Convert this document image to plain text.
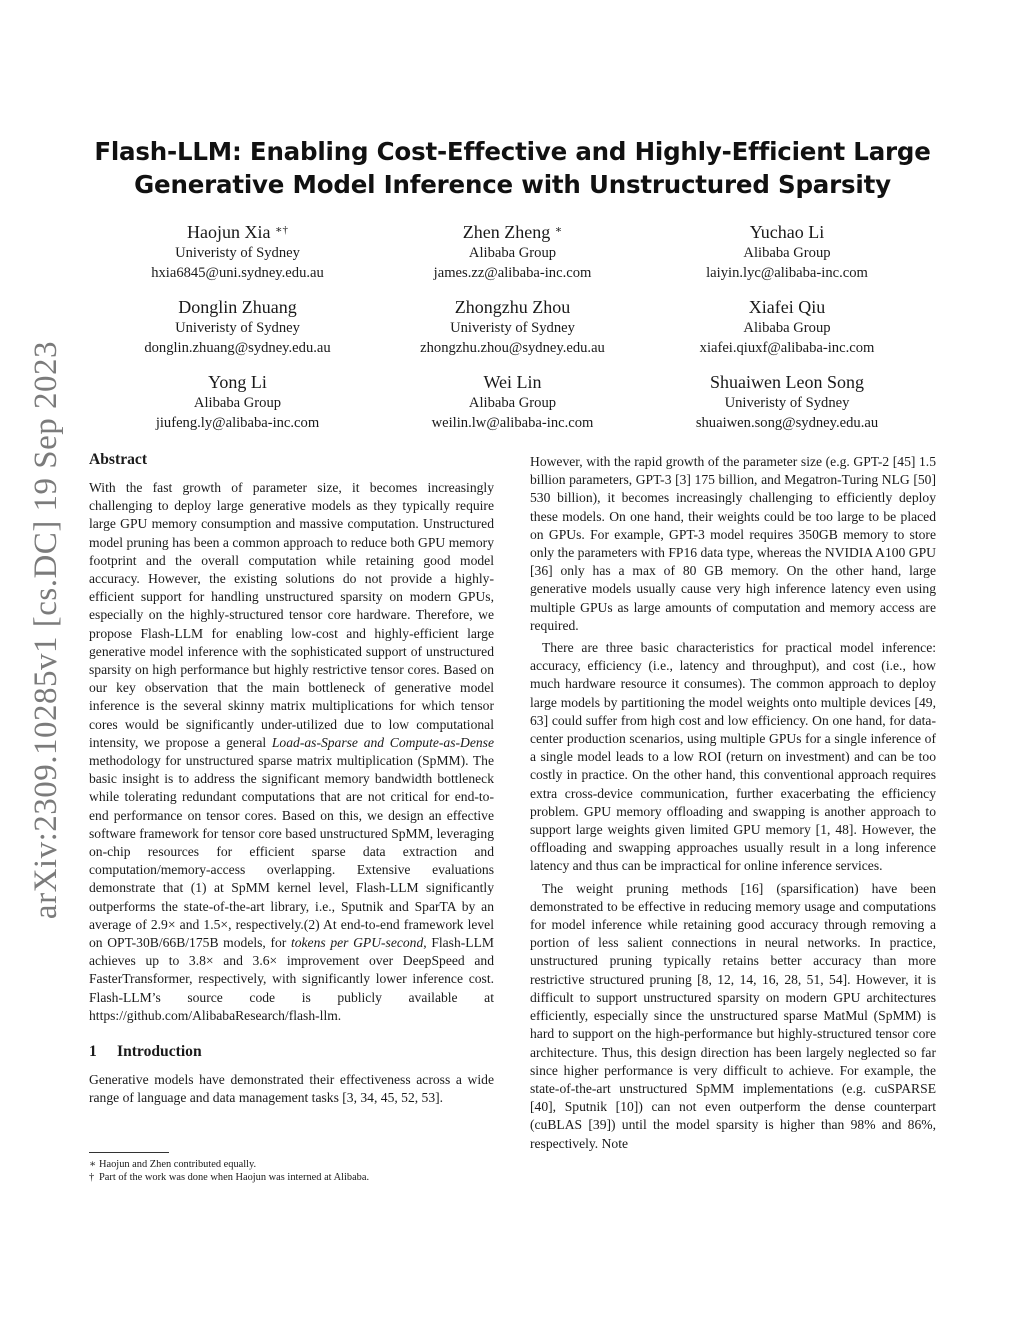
arXiv:2309.10285v1 [cs.DC] 19 Sep 2023
Flash-LLM: Enabling Cost-Effective and Highly-Efficient Large Generative Model Inference with Unstructured Sparsity
Haojun Xia ∗†
Univeristy of Sydney
hxia6845@uni.sydney.edu.au
Zhen Zheng ∗
Alibaba Group
james.zz@alibaba-inc.com
Yuchao Li
Alibaba Group
laiyin.lyc@alibaba-inc.com
Donglin Zhuang
Univeristy of Sydney
donglin.zhuang@sydney.edu.au
Zhongzhu Zhou
Univeristy of Sydney
zhongzhu.zhou@sydney.edu.au
Xiafei Qiu
Alibaba Group
xiafei.qiuxf@alibaba-inc.com
Yong Li
Alibaba Group
jiufeng.ly@alibaba-inc.com
Wei Lin
Alibaba Group
weilin.lw@alibaba-inc.com
Shuaiwen Leon Song
Univeristy of Sydney
shuaiwen.song@sydney.edu.au
Abstract

With the fast growth of parameter size, it becomes increasingly challenging to deploy large generative models as they typically require large GPU memory consumption and massive computation. Unstructured model pruning has been a common approach to reduce both GPU memory footprint and the overall computation while retaining good model accuracy. However, the existing solutions do not provide a highly-efficient support for handling unstructured sparsity on modern GPUs, especially on the highly-structured tensor core hardware. Therefore, we propose Flash-LLM for enabling low-cost and highly-efficient large generative model inference with the sophisticated support of unstructured sparsity on high performance but highly restrictive tensor cores. Based on our key observation that the main bottleneck of generative model inference is the several skinny matrix multiplications for which tensor cores would be significantly under-utilized due to low computational intensity, we propose a general Load-as-Sparse and Compute-as-Dense methodology for unstructured sparse matrix multiplication (SpMM). The basic insight is to address the significant memory bandwidth bottleneck while tolerating redundant computations that are not critical for end-to-end performance on tensor cores. Based on this, we design an effective software framework for tensor core based unstructured SpMM, leveraging on-chip resources for efficient sparse data extraction and computation/memory-access overlapping. Extensive evaluations demonstrate that (1) at SpMM kernel level, Flash-LLM significantly outperforms the state-of-the-art library, i.e., Sputnik and SparTA by an average of 2.9× and 1.5×, respectively.(2) At end-to-end framework level on OPT-30B/66B/175B models, for tokens per GPU-second, Flash-LLM achieves up to 3.8× and 3.6× improvement over DeepSpeed and FasterTransformer, respectively, with significantly lower inference cost. Flash-LLM’s source code is publicly available at https://github.com/AlibabaResearch/flash-llm.

1 Introduction

Generative models have demonstrated their effectiveness across a wide range of language and data management tasks [3, 34, 45, 52, 53].

∗ Haojun and Zhen contributed equally.
† Part of the work was done when Haojun was interned at Alibaba.

However, with the rapid growth of the parameter size (e.g. GPT-2 [45] 1.5 billion parameters, GPT-3 [3] 175 billion, and Megatron-Turing NLG [50] 530 billion), it becomes increasingly challenging to efficiently deploy these models. On one hand, their weights could be too large to be placed on GPUs. For example, GPT-3 model requires 350GB memory to store only the parameters with FP16 data type, whereas the NVIDIA A100 GPU [36] only has a max of 80 GB memory. On the other hand, large generative models usually cause very high inference latency even using multiple GPUs as large amounts of computation and memory access are required.

There are three basic characteristics for practical model inference: accuracy, efficiency (i.e., latency and throughput), and cost (i.e., how much hardware resource it consumes). The common approach to deploy large models by partitioning the model weights onto multiple devices [49, 63] could suffer from high cost and low efficiency. On one hand, for data-center production scenarios, using multiple GPUs for a single inference of a single model leads to a low ROI (return on investment) and can be too costly in practice. On the other hand, this conventional approach requires extra cross-device communication, further exacerbating the efficiency problem. GPU memory offloading and swapping is another approach to support large weights given limited GPU memory [1, 48]. However, the offloading and swapping approaches usually result in a long inference latency and thus can be impractical for online inference services.

The weight pruning methods [16] (sparsification) have been demonstrated to be effective in reducing memory usage and computations for model inference while retaining good accuracy through removing a portion of less salient connections in neural networks. In practice, unstructured pruning typically retains better accuracy than more restrictive structured pruning [8, 12, 14, 16, 28, 51, 54]. However, it is difficult to support unstructured sparsity on modern GPU architectures efficiently, especially since the unstructured sparse MatMul (SpMM) is hard to support on the high-performance but highly-structured tensor core architecture. Thus, this design direction has been largely neglected so far since higher performance is very difficult to achieve. For example, the state-of-the-art unstructured SpMM implementations (e.g. cuSPARSE [40], Sputnik [10]) can not even outperform the dense counterpart (cuBLAS [39]) until the model sparsity is higher than 98% and 86%, respectively. Note
